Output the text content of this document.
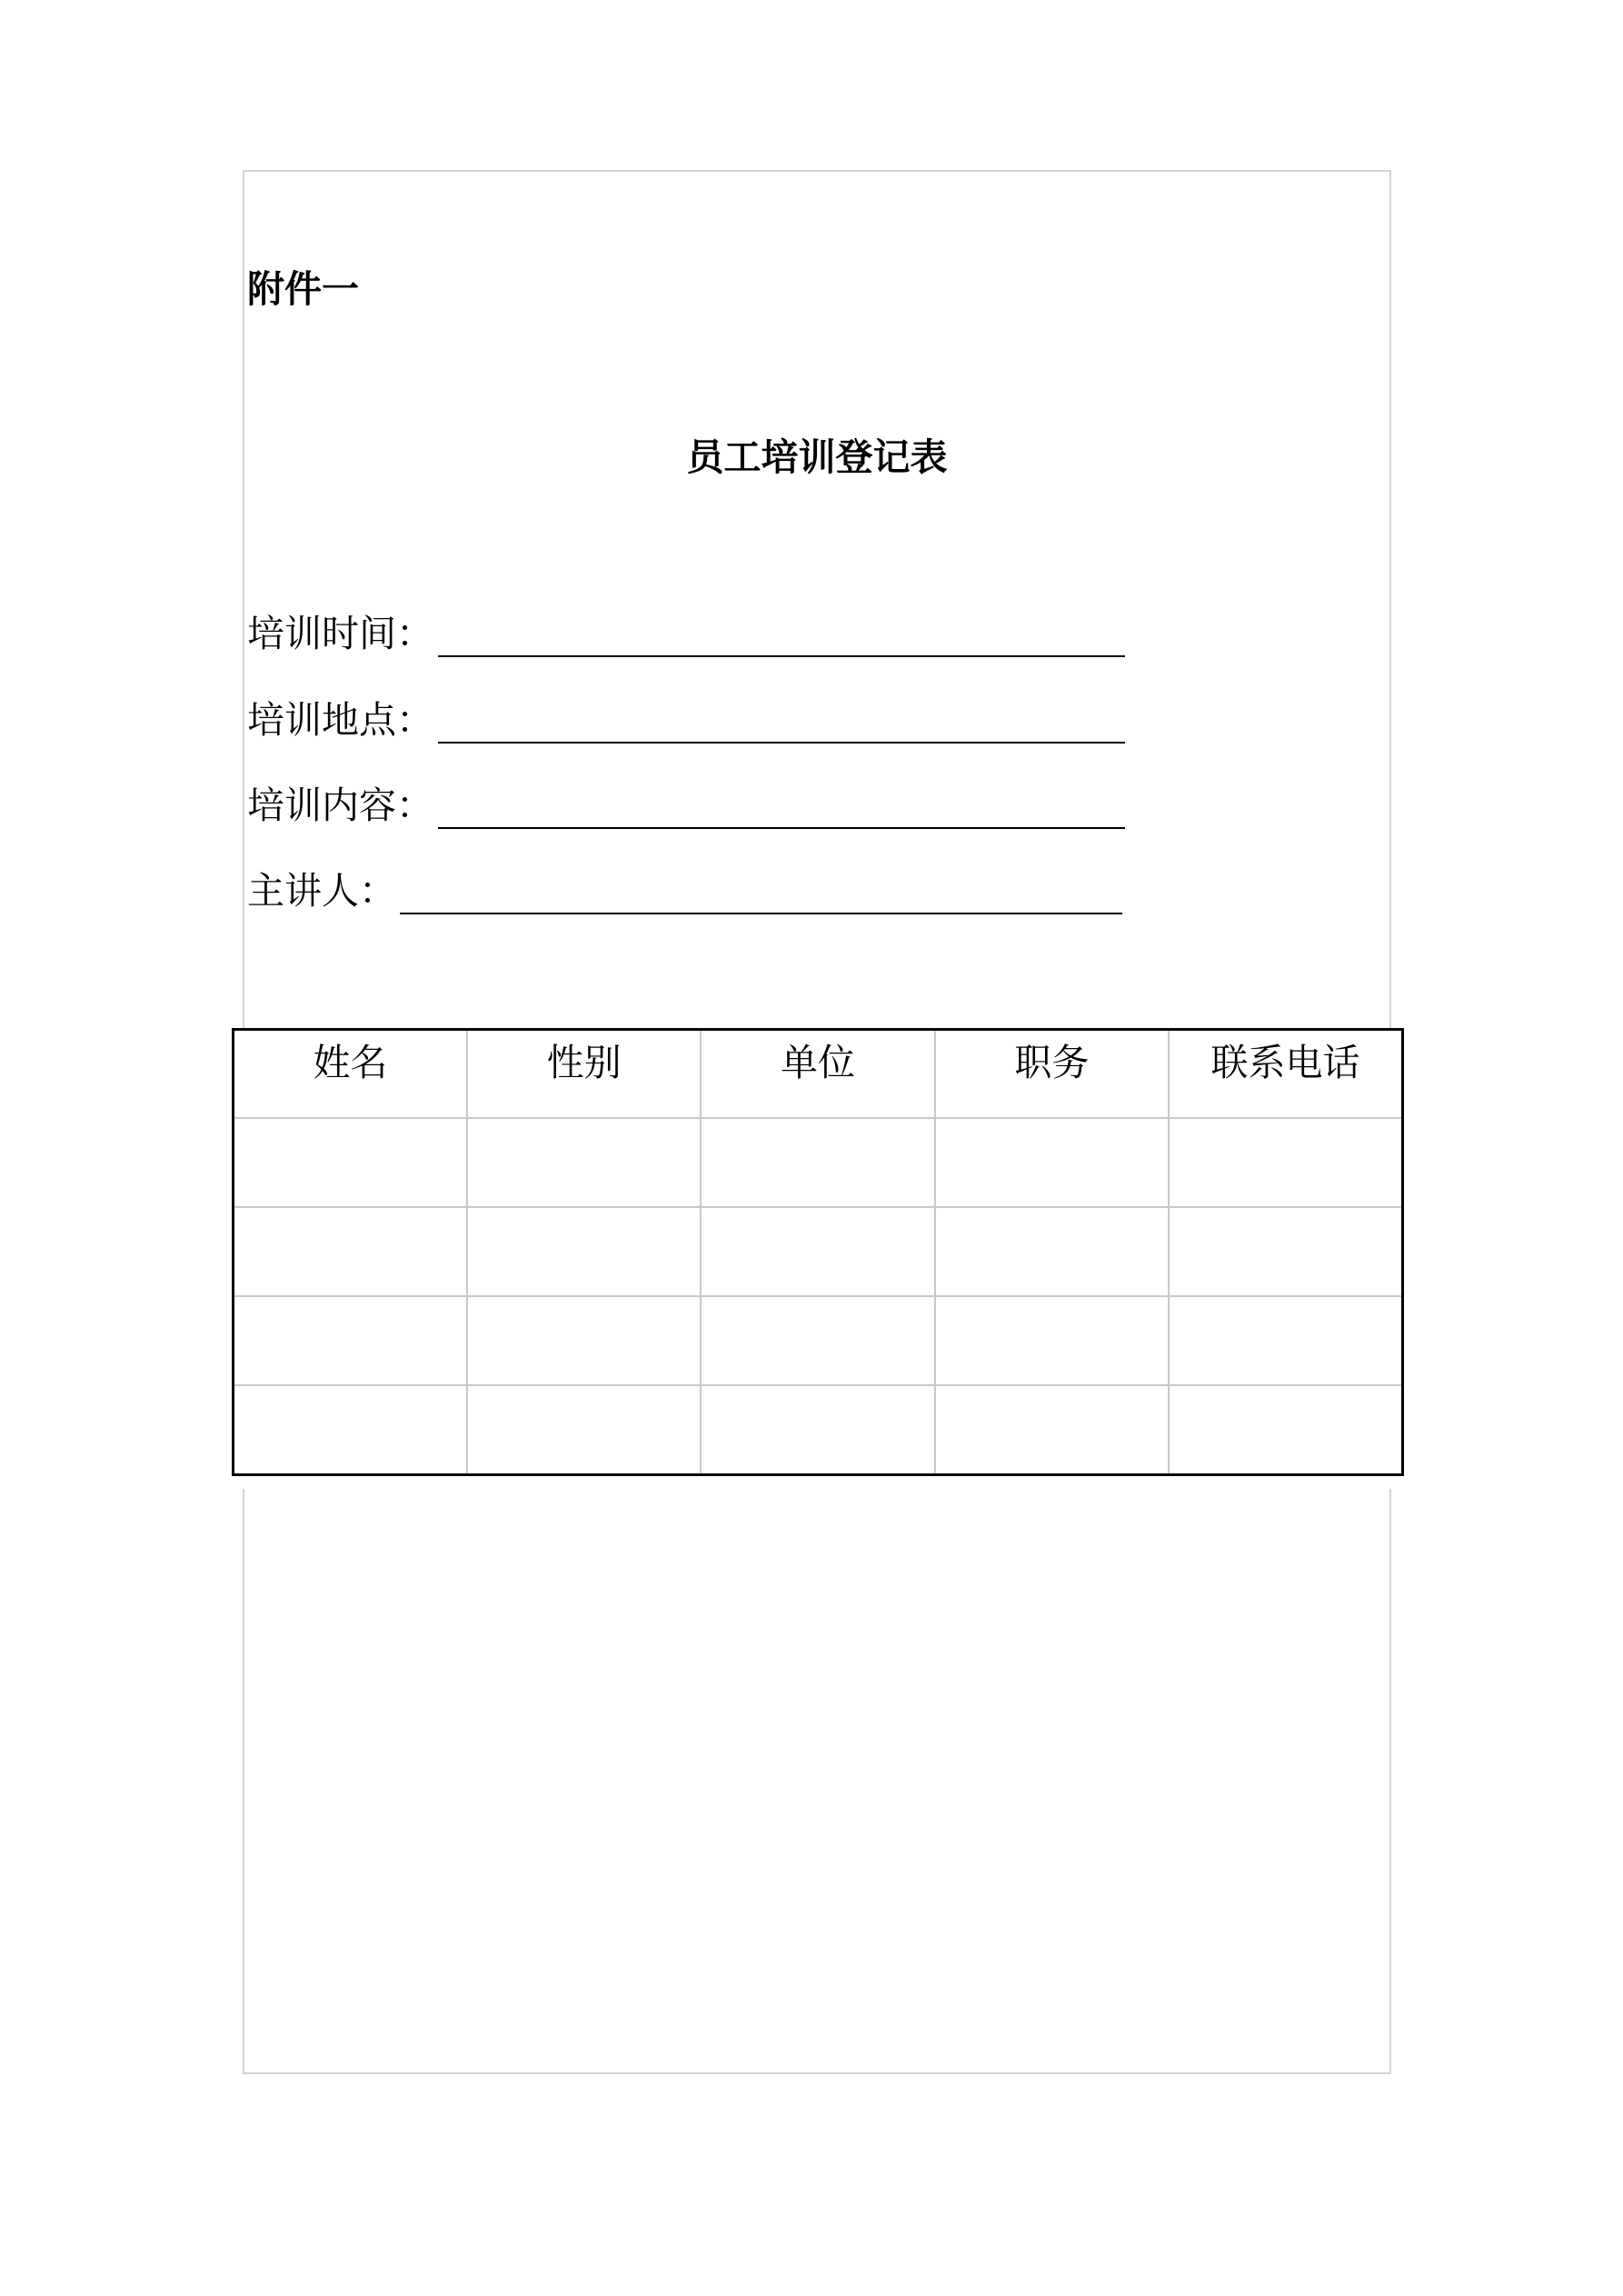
附件一
员工培训登记表
培训时间：
培训地点：
培训内容：
主讲人：
姓名	性别	单位	职务	联系电话
